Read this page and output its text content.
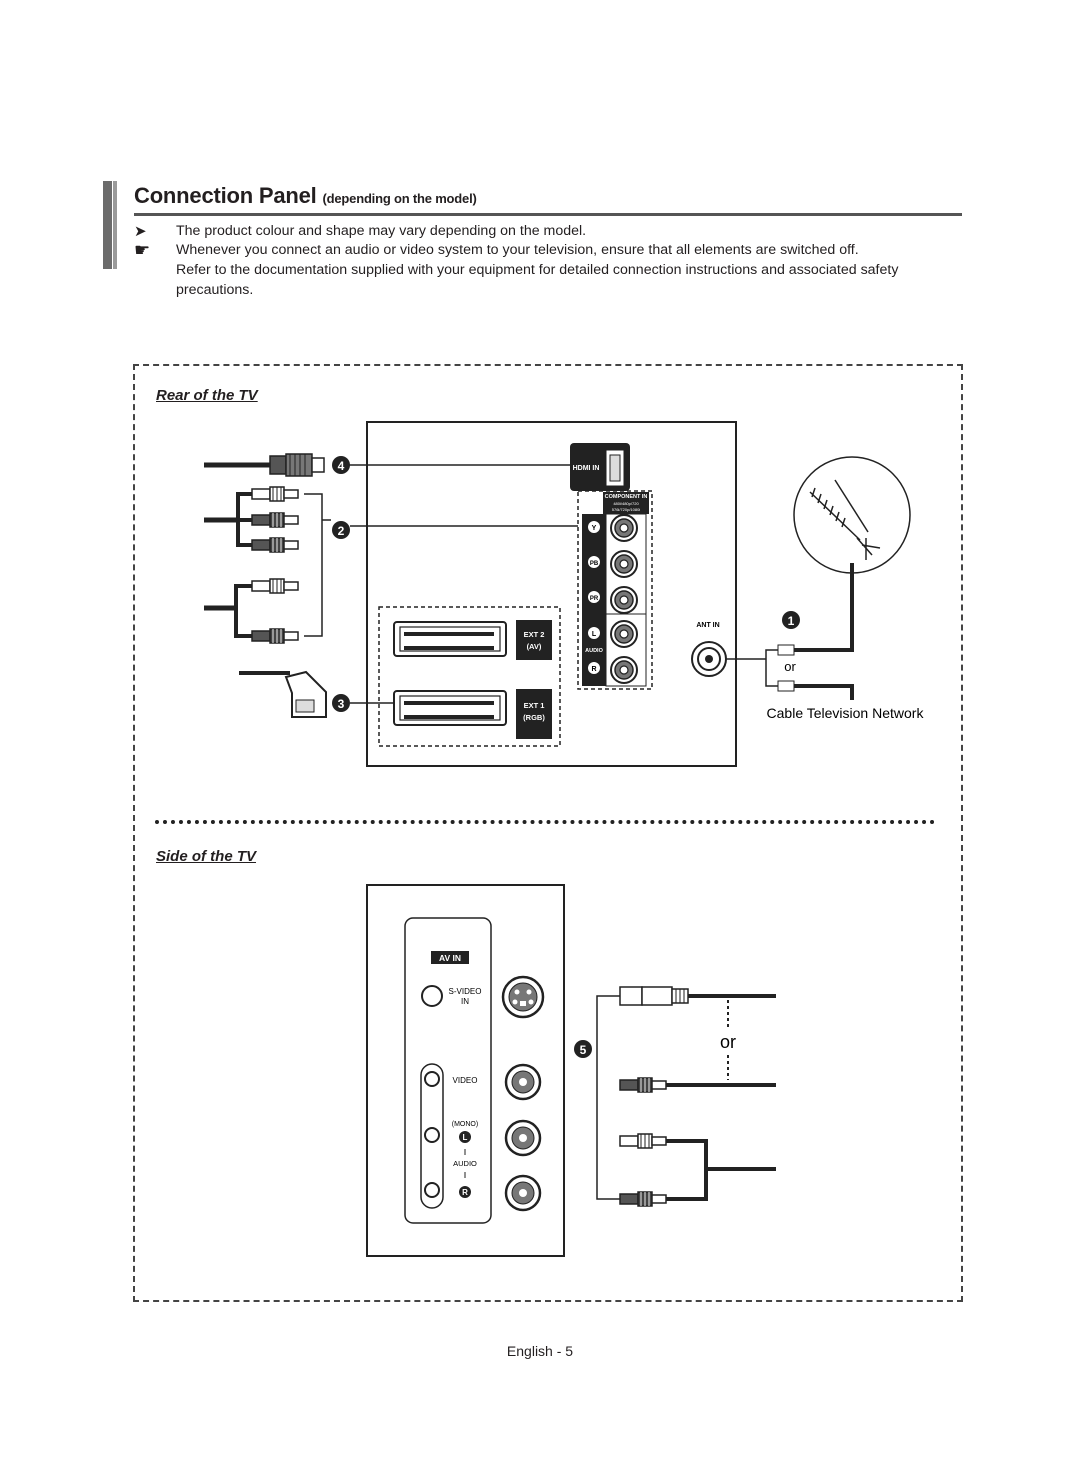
Connection Panel (depending on the model)
➤
☛
The product colour and shape may vary depending on the model.
Whenever you connect an audio or video system to your television, ensure that all elements are switched off.
Refer to the documentation supplied with your equipment for detailed connection instructions and associated safety precautions.
Rear of the TV
Side of the TV
HDMI IN
COMPONENT IN
480i/480p/720
576i/720p/1080i
Y
PB
PR
L
AUDIO
R
EXT 2
(AV)
EXT 1
(RGB)
ANT IN
4
2
3
1
or
Cable Television Network
AV IN
S-VIDEO
IN
VIDEO
(MONO)
L
AUDIO
R
5	or
English - 5
